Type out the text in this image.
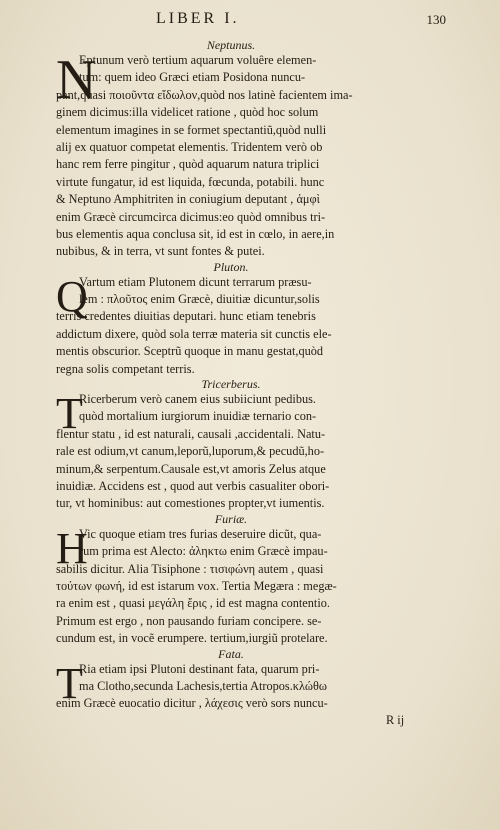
LIBER I.	130
Neptunus.
N
Eptunum verò tertium aquarum voluêre elemen-
tum: quem ideo Græci etiam Posidona nuncu-
pant,quasi ποιοῦντα εἴδωλον,quòd nos latinè facientem ima-
ginem dicimus:illa videlicet ratione , quòd hoc solum
elementum imagines in se formet spectantiũ,quòd nulli
alij ex quatuor competat elementis. Tridentem verò ob
hanc rem ferre pingitur , quòd aquarum natura triplici
virtute fungatur, id est liquida, fœcunda, potabili. hunc
& Neptuno Amphitriten in coniugium deputant , ἀμφὶ
enim Græcè circumcirca dicimus:eo quòd omnibus tri-
bus elementis aqua conclusa sit, id est in cœlo, in aere,in
nubibus, & in terra, vt sunt fontes & putei.
Pluton.
Q
Vartum etiam Plutonem dicunt terrarum præsu-
lem : πλοῦτος enim Græcè, diuitiæ dicuntur,solis
terris credentes diuitias deputari. hunc etiam tenebris
addictum dixere, quòd sola terræ materia sit cunctis ele-
mentis obscurior. Sceptrũ quoque in manu gestat,quòd
regna solis competant terris.
Tricerberus.
T
Ricerberum verò canem eius subiiciunt pedibus.
quòd mortalium iurgiorum inuidiæ ternario con-
flentur statu , id est naturali, causali ,accidentali. Natu-
rale est odium,vt canum,leporũ,luporum,& pecudũ,ho-
minum,& serpentum.Causale est,vt amoris Zelus atque
inuidiæ. Accidens est , quod aut verbis casualiter obori-
tur, vt hominibus: aut comestiones propter,vt iumentis.
Furiæ.
H
Vic quoque etiam tres furias deseruire dicũt, qua-
rum prima est Alecto: ἀληκτω enim Græcè impau-
sabilis dicitur. Alia Tisiphone : τισιφώνη autem , quasi
τούτων φωνή, id est istarum vox. Tertia Megæra : megæ-
ra enim est , quasi μεγάλη ἔρις , id est magna contentio.
Primum est ergo , non pausando furiam concipere. se-
cundum est, in vocẽ erumpere. tertium,iurgiũ protelare.
Fata.
T
Ria etiam ipsi Plutoni destinant fata, quarum pri-
ma Clotho,secunda Lachesis,tertia Atropos.κλώθω
enim Græcè euocatio dicitur , λάχεσις verò sors nuncu-
R ij
